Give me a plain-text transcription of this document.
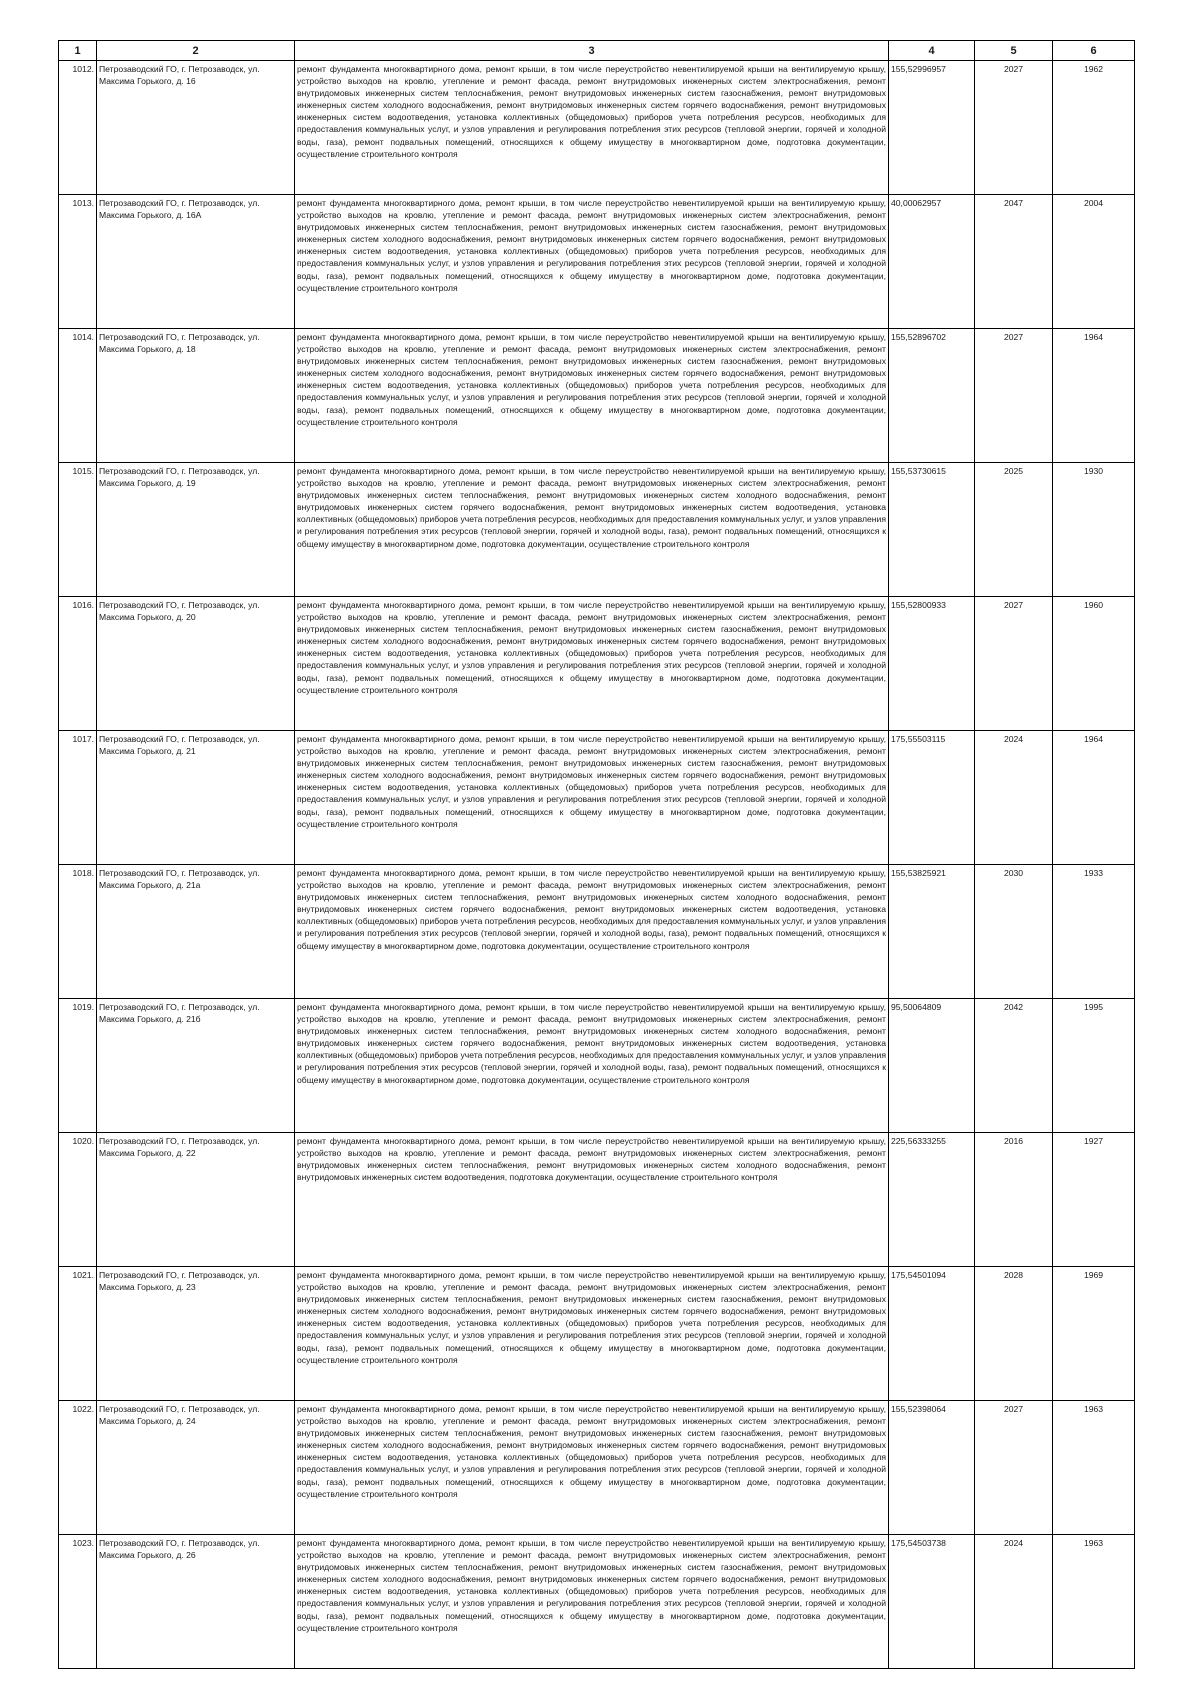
1	2	3	4	5	6
1012.	Петрозаводский ГО, г. Петрозаводск, ул. Максима Горького, д. 16	ремонт фундамента многоквартирного дома, ремонт крыши, в том числе переустройство невентилируемой крыши на вентилируемую крышу, устройство выходов на кровлю, утепление и ремонт фасада, ремонт внутридомовых инженерных систем электроснабжения, ремонт внутридомовых инженерных систем теплоснабжения, ремонт внутридомовых инженерных систем газоснабжения, ремонт внутридомовых инженерных систем холодного водоснабжения, ремонт внутридомовых инженерных систем горячего водоснабжения, ремонт внутридомовых инженерных систем водоотведения, установка коллективных (общедомовых) приборов учета потребления ресурсов, необходимых для предоставления коммунальных услуг, и узлов управления и регулирования потребления этих ресурсов (тепловой энергии, горячей и холодной воды, газа), ремонт подвальных помещений, относящихся к общему имуществу в многоквартирном доме, подготовка документации, осуществление строительного контроля	155,52996957	2027	1962
1013.	Петрозаводский ГО, г. Петрозаводск, ул. Максима Горького, д. 16А	ремонт фундамента многоквартирного дома, ремонт крыши, в том числе переустройство невентилируемой крыши на вентилируемую крышу, устройство выходов на кровлю, утепление и ремонт фасада, ремонт внутридомовых инженерных систем электроснабжения, ремонт внутридомовых инженерных систем теплоснабжения, ремонт внутридомовых инженерных систем газоснабжения, ремонт внутридомовых инженерных систем холодного водоснабжения, ремонт внутридомовых инженерных систем горячего водоснабжения, ремонт внутридомовых инженерных систем водоотведения, установка коллективных (общедомовых) приборов учета потребления ресурсов, необходимых для предоставления коммунальных услуг, и узлов управления и регулирования потребления этих ресурсов (тепловой энергии, горячей и холодной воды, газа), ремонт подвальных помещений, относящихся к общему имуществу в многоквартирном доме, подготовка документации, осуществление строительного контроля	40,00062957	2047	2004
1014.	Петрозаводский ГО, г. Петрозаводск, ул. Максима Горького, д. 18	ремонт фундамента многоквартирного дома, ремонт крыши, в том числе переустройство невентилируемой крыши на вентилируемую крышу, устройство выходов на кровлю, утепление и ремонт фасада, ремонт внутридомовых инженерных систем электроснабжения, ремонт внутридомовых инженерных систем теплоснабжения, ремонт внутридомовых инженерных систем газоснабжения, ремонт внутридомовых инженерных систем холодного водоснабжения, ремонт внутридомовых инженерных систем горячего водоснабжения, ремонт внутридомовых инженерных систем водоотведения, установка коллективных (общедомовых) приборов учета потребления ресурсов, необходимых для предоставления коммунальных услуг, и узлов управления и регулирования потребления этих ресурсов (тепловой энергии, горячей и холодной воды, газа), ремонт подвальных помещений, относящихся к общему имуществу в многоквартирном доме, подготовка документации, осуществление строительного контроля	155,52896702	2027	1964
1015.	Петрозаводский ГО, г. Петрозаводск, ул. Максима Горького, д. 19	ремонт фундамента многоквартирного дома, ремонт крыши, в том числе переустройство невентилируемой крыши на вентилируемую крышу, устройство выходов на кровлю, утепление и ремонт фасада, ремонт внутридомовых инженерных систем электроснабжения, ремонт внутридомовых инженерных систем теплоснабжения, ремонт внутридомовых инженерных систем холодного водоснабжения, ремонт внутридомовых инженерных систем горячего водоснабжения, ремонт внутридомовых инженерных систем водоотведения, установка коллективных (общедомовых) приборов учета потребления ресурсов, необходимых для предоставления коммунальных услуг, и узлов управления и регулирования потребления этих ресурсов (тепловой энергии, горячей и холодной воды, газа), ремонт подвальных помещений, относящихся к общему имуществу в многоквартирном доме, подготовка документации, осуществление строительного контроля	155,53730615	2025	1930
1016.	Петрозаводский ГО, г. Петрозаводск, ул. Максима Горького, д. 20	ремонт фундамента многоквартирного дома, ремонт крыши, в том числе переустройство невентилируемой крыши на вентилируемую крышу, устройство выходов на кровлю, утепление и ремонт фасада, ремонт внутридомовых инженерных систем электроснабжения, ремонт внутридомовых инженерных систем теплоснабжения, ремонт внутридомовых инженерных систем газоснабжения, ремонт внутридомовых инженерных систем холодного водоснабжения, ремонт внутридомовых инженерных систем горячего водоснабжения, ремонт внутридомовых инженерных систем водоотведения, установка коллективных (общедомовых) приборов учета потребления ресурсов, необходимых для предоставления коммунальных услуг, и узлов управления и регулирования потребления этих ресурсов (тепловой энергии, горячей и холодной воды, газа), ремонт подвальных помещений, относящихся к общему имуществу в многоквартирном доме, подготовка документации, осуществление строительного контроля	155,52800933	2027	1960
1017.	Петрозаводский ГО, г. Петрозаводск, ул. Максима Горького, д. 21	ремонт фундамента многоквартирного дома, ремонт крыши, в том числе переустройство невентилируемой крыши на вентилируемую крышу, устройство выходов на кровлю, утепление и ремонт фасада, ремонт внутридомовых инженерных систем электроснабжения, ремонт внутридомовых инженерных систем теплоснабжения, ремонт внутридомовых инженерных систем газоснабжения, ремонт внутридомовых инженерных систем холодного водоснабжения, ремонт внутридомовых инженерных систем горячего водоснабжения, ремонт внутридомовых инженерных систем водоотведения, установка коллективных (общедомовых) приборов учета потребления ресурсов, необходимых для предоставления коммунальных услуг, и узлов управления и регулирования потребления этих ресурсов (тепловой энергии, горячей и холодной воды, газа), ремонт подвальных помещений, относящихся к общему имуществу в многоквартирном доме, подготовка документации, осуществление строительного контроля	175,55503115	2024	1964
1018.	Петрозаводский ГО, г. Петрозаводск, ул. Максима Горького, д. 21а	ремонт фундамента многоквартирного дома, ремонт крыши, в том числе переустройство невентилируемой крыши на вентилируемую крышу, устройство выходов на кровлю, утепление и ремонт фасада, ремонт внутридомовых инженерных систем электроснабжения, ремонт внутридомовых инженерных систем теплоснабжения, ремонт внутридомовых инженерных систем холодного водоснабжения, ремонт внутридомовых инженерных систем горячего водоснабжения, ремонт внутридомовых инженерных систем водоотведения, установка коллективных (общедомовых) приборов учета потребления ресурсов, необходимых для предоставления коммунальных услуг, и узлов управления и регулирования потребления этих ресурсов (тепловой энергии, горячей и холодной воды, газа), ремонт подвальных помещений, относящихся к общему имуществу в многоквартирном доме, подготовка документации, осуществление строительного контроля	155,53825921	2030	1933
1019.	Петрозаводский ГО, г. Петрозаводск, ул. Максима Горького, д. 21б	ремонт фундамента многоквартирного дома, ремонт крыши, в том числе переустройство невентилируемой крыши на вентилируемую крышу, устройство выходов на кровлю, утепление и ремонт фасада, ремонт внутридомовых инженерных систем электроснабжения, ремонт внутридомовых инженерных систем теплоснабжения, ремонт внутридомовых инженерных систем холодного водоснабжения, ремонт внутридомовых инженерных систем горячего водоснабжения, ремонт внутридомовых инженерных систем водоотведения, установка коллективных (общедомовых) приборов учета потребления ресурсов, необходимых для предоставления коммунальных услуг, и узлов управления и регулирования потребления этих ресурсов (тепловой энергии, горячей и холодной воды, газа), ремонт подвальных помещений, относящихся к общему имуществу в многоквартирном доме, подготовка документации, осуществление строительного контроля	95,50064809	2042	1995
1020.	Петрозаводский ГО, г. Петрозаводск, ул. Максима Горького, д. 22	ремонт фундамента многоквартирного дома, ремонт крыши, в том числе переустройство невентилируемой крыши на вентилируемую крышу, устройство выходов на кровлю, утепление и ремонт фасада, ремонт внутридомовых инженерных систем электроснабжения, ремонт внутридомовых инженерных систем теплоснабжения, ремонт внутридомовых инженерных систем холодного водоснабжения, ремонт внутридомовых инженерных систем водоотведения, подготовка документации, осуществление строительного контроля	225,56333255	2016	1927
1021.	Петрозаводский ГО, г. Петрозаводск, ул. Максима Горького, д. 23	ремонт фундамента многоквартирного дома, ремонт крыши, в том числе переустройство невентилируемой крыши на вентилируемую крышу, устройство выходов на кровлю, утепление и ремонт фасада, ремонт внутридомовых инженерных систем электроснабжения, ремонт внутридомовых инженерных систем теплоснабжения, ремонт внутридомовых инженерных систем газоснабжения, ремонт внутридомовых инженерных систем холодного водоснабжения, ремонт внутридомовых инженерных систем горячего водоснабжения, ремонт внутридомовых инженерных систем водоотведения, установка коллективных (общедомовых) приборов учета потребления ресурсов, необходимых для предоставления коммунальных услуг, и узлов управления и регулирования потребления этих ресурсов (тепловой энергии, горячей и холодной воды, газа), ремонт подвальных помещений, относящихся к общему имуществу в многоквартирном доме, подготовка документации, осуществление строительного контроля	175,54501094	2028	1969
1022.	Петрозаводский ГО, г. Петрозаводск, ул. Максима Горького, д. 24	ремонт фундамента многоквартирного дома, ремонт крыши, в том числе переустройство невентилируемой крыши на вентилируемую крышу, устройство выходов на кровлю, утепление и ремонт фасада, ремонт внутридомовых инженерных систем электроснабжения, ремонт внутридомовых инженерных систем теплоснабжения, ремонт внутридомовых инженерных систем газоснабжения, ремонт внутридомовых инженерных систем холодного водоснабжения, ремонт внутридомовых инженерных систем горячего водоснабжения, ремонт внутридомовых инженерных систем водоотведения, установка коллективных (общедомовых) приборов учета потребления ресурсов, необходимых для предоставления коммунальных услуг, и узлов управления и регулирования потребления этих ресурсов (тепловой энергии, горячей и холодной воды, газа), ремонт подвальных помещений, относящихся к общему имуществу в многоквартирном доме, подготовка документации, осуществление строительного контроля	155,52398064	2027	1963
1023.	Петрозаводский ГО, г. Петрозаводск, ул. Максима Горького, д. 26	ремонт фундамента многоквартирного дома, ремонт крыши, в том числе переустройство невентилируемой крыши на вентилируемую крышу, устройство выходов на кровлю, утепление и ремонт фасада, ремонт внутридомовых инженерных систем электроснабжения, ремонт внутридомовых инженерных систем теплоснабжения, ремонт внутридомовых инженерных систем газоснабжения, ремонт внутридомовых инженерных систем холодного водоснабжения, ремонт внутридомовых инженерных систем горячего водоснабжения, ремонт внутридомовых инженерных систем водоотведения, установка коллективных (общедомовых) приборов учета потребления ресурсов, необходимых для предоставления коммунальных услуг, и узлов управления и регулирования потребления этих ресурсов (тепловой энергии, горячей и холодной воды, газа), ремонт подвальных помещений, относящихся к общему имуществу в многоквартирном доме, подготовка документации, осуществление строительного контроля	175,54503738	2024	1963
